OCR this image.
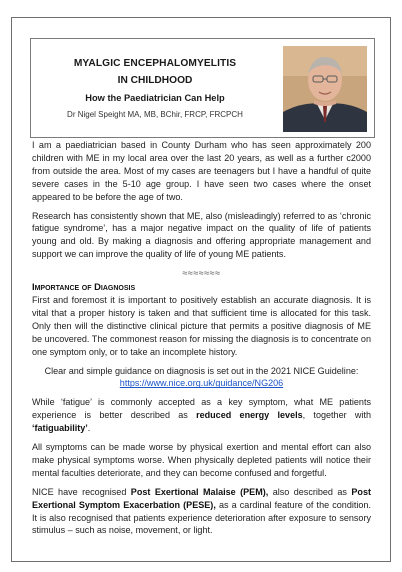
MYALGIC ENCEPHALOMYELITIS
IN CHILDHOOD
How the Paediatrician Can Help
Dr Nigel Speight MA, MB, BChir, FRCP, FRCPCH

I am a paediatrician based in County Durham who has seen approximately 200 children with ME in my local area over the last 20 years, as well as a further c2000 from outside the area. Most of my cases are teenagers but I have a handful of quite severe cases in the 5-10 age group. I have seen two cases where the onset appeared to be before the age of two.

Research has consistently shown that ME, also (misleadingly) referred to as ‘chronic fatigue syndrome’, has a major negative impact on the quality of life of patients young and old. By making a diagnosis and offering appropriate management and support we can improve the quality of life of young ME patients.

≈≈≈≈≈≈≈
Importance of Diagnosis

First and foremost it is important to positively establish an accurate diagnosis. It is vital that a proper history is taken and that sufficient time is allocated for this task. Only then will the distinctive clinical picture that permits a positive diagnosis of ME be uncovered. The commonest reason for missing the diagnosis is to concentrate on one symptom only, or to take an incomplete history.

Clear and simple guidance on diagnosis is set out in the 2021 NICE Guideline: https://www.nice.org.uk/guidance/NG206

While ‘fatigue’ is commonly accepted as a key symptom, what ME patients experience is better described as reduced energy levels, together with ‘fatiguability’.

All symptoms can be made worse by physical exertion and mental effort can also make physical symptoms worse. When physically depleted patients will notice their mental faculties deteriorate, and they can become confused and forgetful.

NICE have recognised Post Exertional Malaise (PEM), also described as Post Exertional Symptom Exacerbation (PESE), as a cardinal feature of the condition. It is also recognised that patients experience deterioration after exposure to sensory stimulus – such as noise, movement, or light.
